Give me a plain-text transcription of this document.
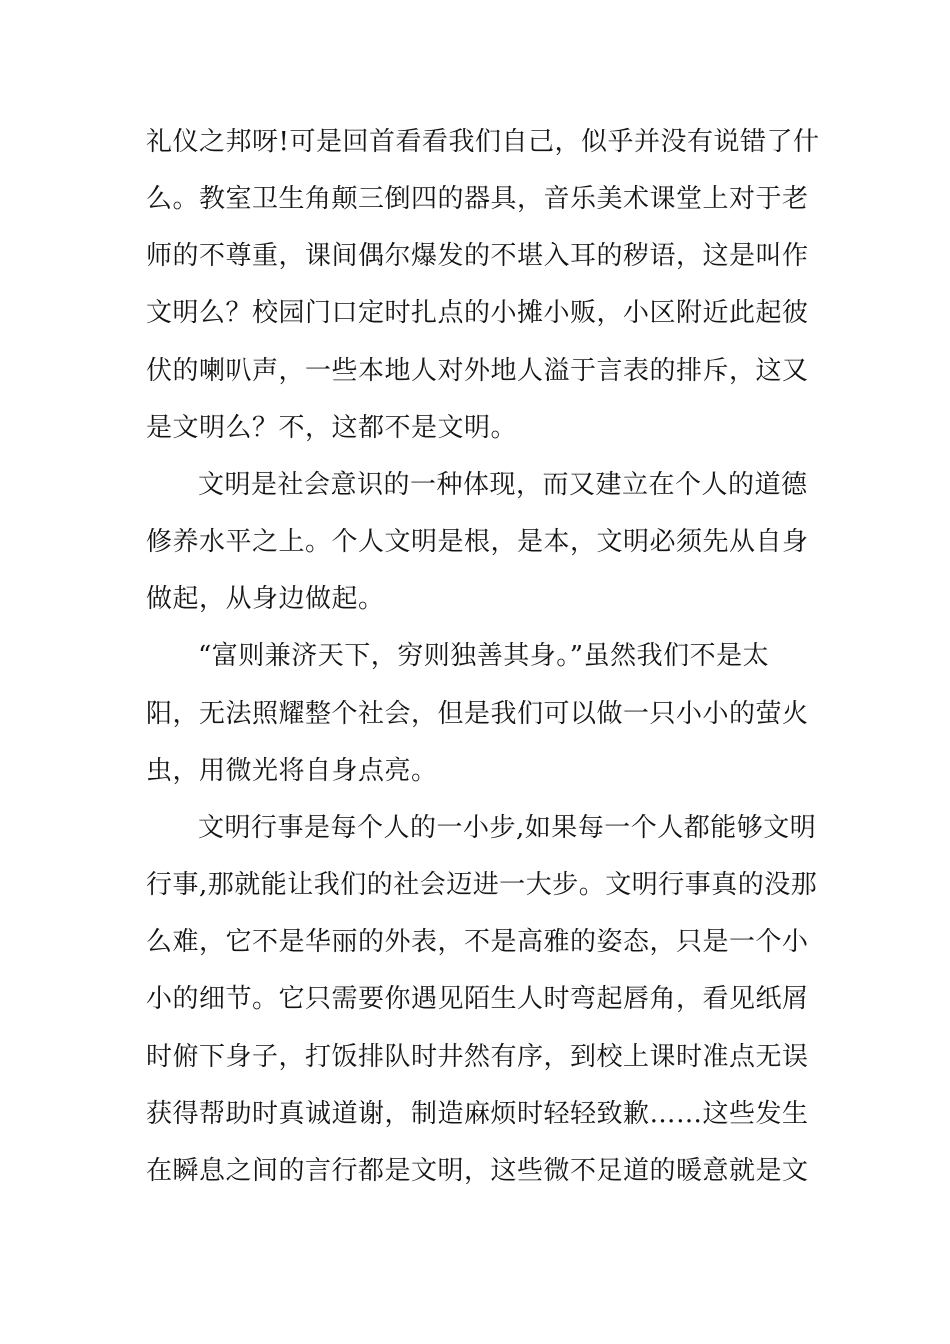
礼仪之邦呀!可是回首看看我们自己，似乎并没有说错了什
么。教室卫生角颠三倒四的器具，音乐美术课堂上对于老
师的不尊重，课间偶尔爆发的不堪入耳的秽语，这是叫作
文明么？校园门口定时扎点的小摊小贩，小区附近此起彼
伏的喇叭声，一些本地人对外地人溢于言表的排斥，这又
是文明么？不，这都不是文明。
文明是社会意识的一种体现，而又建立在个人的道德
修养水平之上。个人文明是根，是本，文明必须先从自身
做起，从身边做起。
“富则兼济天下，穷则独善其身。”虽然我们不是太
阳，无法照耀整个社会，但是我们可以做一只小小的萤火
虫，用微光将自身点亮。
文明行事是每个人的一小步,如果每一个人都能够文明
行事,那就能让我们的社会迈进一大步。文明行事真的没那
么难，它不是华丽的外表，不是高雅的姿态，只是一个小
小的细节。它只需要你遇见陌生人时弯起唇角，看见纸屑
时俯下身子，打饭排队时井然有序，到校上课时准点无误
获得帮助时真诚道谢，制造麻烦时轻轻致歉……这些发生
在瞬息之间的言行都是文明，这些微不足道的暖意就是文
